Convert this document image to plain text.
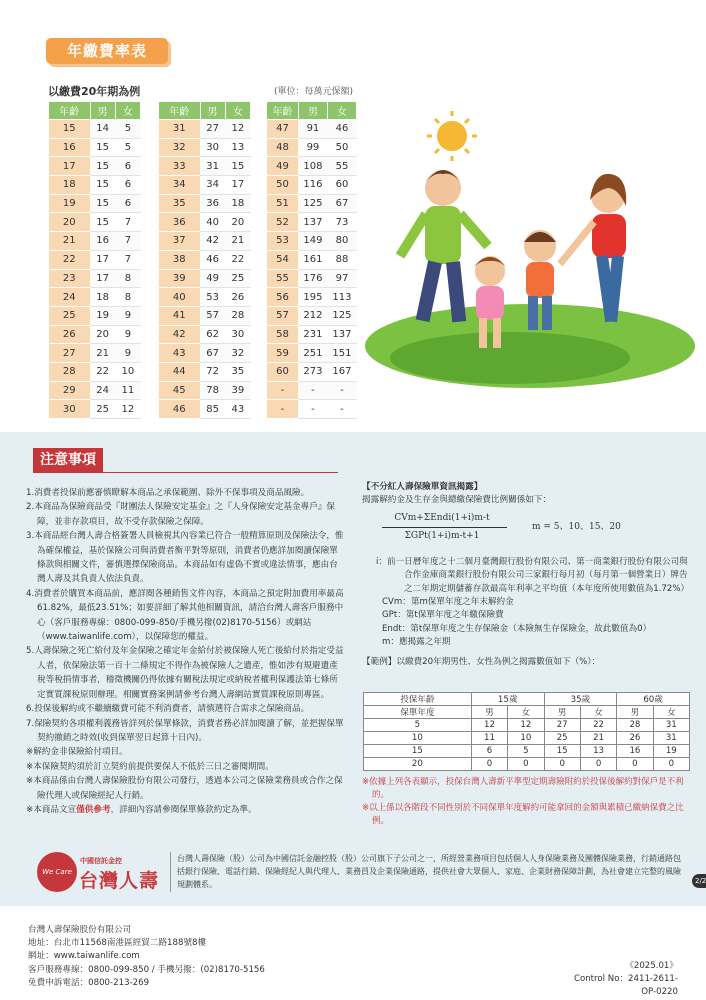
年繳費率表
以繳費20年期為例	(單位：每萬元保額)
年齡	男	女
15	14	5
16	15	5
17	15	6
18	15	6
19	15	6
20	15	7
21	16	7
22	17	7
23	17	8
24	18	8
25	19	9
26	20	9
27	21	9
28	22	10
29	24	11
30	25	12
年齡	男	女
31	27	12
32	30	13
33	31	15
34	34	17
35	36	18
36	40	20
37	42	21
38	46	22
39	49	25
40	53	26
41	57	28
42	62	30
43	67	32
44	72	35
45	78	39
46	85	43
年齡	男	女
47	91	46
48	99	50
49	108	55
50	116	60
51	125	67
52	137	73
53	149	80
54	161	88
55	176	97
56	195	113
57	212	125
58	231	137
59	251	151
60	273	167
-	-	-
-	-	-
注意事項

1.消費者投保前應審慎瞭解本商品之承保範圍、除外不保事項及商品風險。

2.本商品為保險商品受『財團法人保險安定基金』之『人身保險安定基金專戶』保障，並非存款項目，故不受存款保險之保障。

3.本商品經台灣人壽合格簽署人員檢視其內容業已符合一般精算原則及保險法令，惟為確保權益，基於保險公司與消費者衡平對等原則，消費者仍應詳加閱讀保險單條款與相關文件，審慎選擇保險商品。本商品如有虛偽不實或違法情事，應由台灣人壽及其負責人依法負責。

4.消費者於購買本商品前，應詳閱各種銷售文件內容，本商品之預定附加費用率最高61.82%，最低23.51%；如要詳細了解其他相關資訊，請洽台灣人壽客戶服務中心（客戶服務專線：0800-099-850/手機另撥(02)8170-5156）或網站（www.taiwanlife.com），以保障您的權益。

5.人壽保險之死亡給付及年金保險之確定年金給付於被保險人死亡後給付於指定受益人者，依保險法第一百十二條規定不得作為被保險人之遺產，惟如涉有規避遺產稅等稅捐情事者，稽徵機關仍得依據有關稅法規定或納稅者權利保護法第七條所定實質課稅原則辦理。相關實務案例請參考台灣人壽網站實質課稅原則專區。

6.投保後解約或不繼續繳費可能不利消費者，請慎選符合需求之保險商品。

7.保險契約各項權利義務皆詳列於保單條款，消費者務必詳加閱讀了解，並把握保單契約撤銷之時效(收到保單翌日起算十日內)。

※解約金非保險給付項目。

※本保險契約須於訂立契約前提供要保人不低於三日之審閱期間。

※本商品係由台灣人壽保險股份有限公司發行，透過本公司之保險業務員或合作之保險代理人或保險經紀人行銷。

※本商品文宣僅供參考，詳細內容請參閱保單條款約定為準。

【不分紅人壽保險單資訊揭露】
揭露解約金及生存金與總繳保險費比例關係如下：
CVm+ΣEndi(1+i)m-t
ΣGPt(1+i)m-t+1
m = 5、10、15、20
i：前一日曆年度之十二個月臺灣銀行股份有限公司、第一商業銀行股份有限公司與合作金庫商業銀行股份有限公司三家銀行每月初（每月第一個營業日）牌告之二年期定期儲蓄存款最高年利率之平均值（本年度所使用數值為1.72%）
CVm：第m保單年度之年末解約金
GPt：第t保單年度之年繳保險費
Endt：第t保單年度之生存保險金（本險無生存保險金，故此數值為0）
m：應揭露之年期
【範例】以繳費20年期男性、女性為例之揭露數值如下（%）：
投保年齡	15歲		35歲		60歲	
保單年度	男	女	男	女	男	女
5	12	12	27	22	28	31
10	11	10	25	21	26	31
15	6	5	15	13	16	19
20	0	0	0	0	0	0

※依據上列各表顯示，投保台灣人壽新平準型定期壽險附約於投保後解約對保戶是不利的。

※以上係以各階段不同性別於不同保單年度解約可能拿回的金額與累積已繳納保費之比例。

We Care Family
中國信託金控
台灣人壽
台灣人壽保險（股）公司為中國信託金融控股（股）公司旗下子公司之一，所經營業務項目包括個人人身保險業務及團體保險業務，行銷通路包括銀行保險、電話行銷、保險經紀人與代理人、業務員及企業保險通路，提供社會大眾個人、家庭、企業財務保障計劃，為社會建立完整的風險規劃體系。	2/2
台灣人壽保險股份有限公司
地址：台北市11568南港區經貿二路188號8樓
網址：www.taiwanlife.com
客戶服務專線：0800-099-850 / 手機另撥：(02)8170-5156
免費申訴電話：0800-213-269
《2025.01》
Control No：2411-2611-OP-0220
